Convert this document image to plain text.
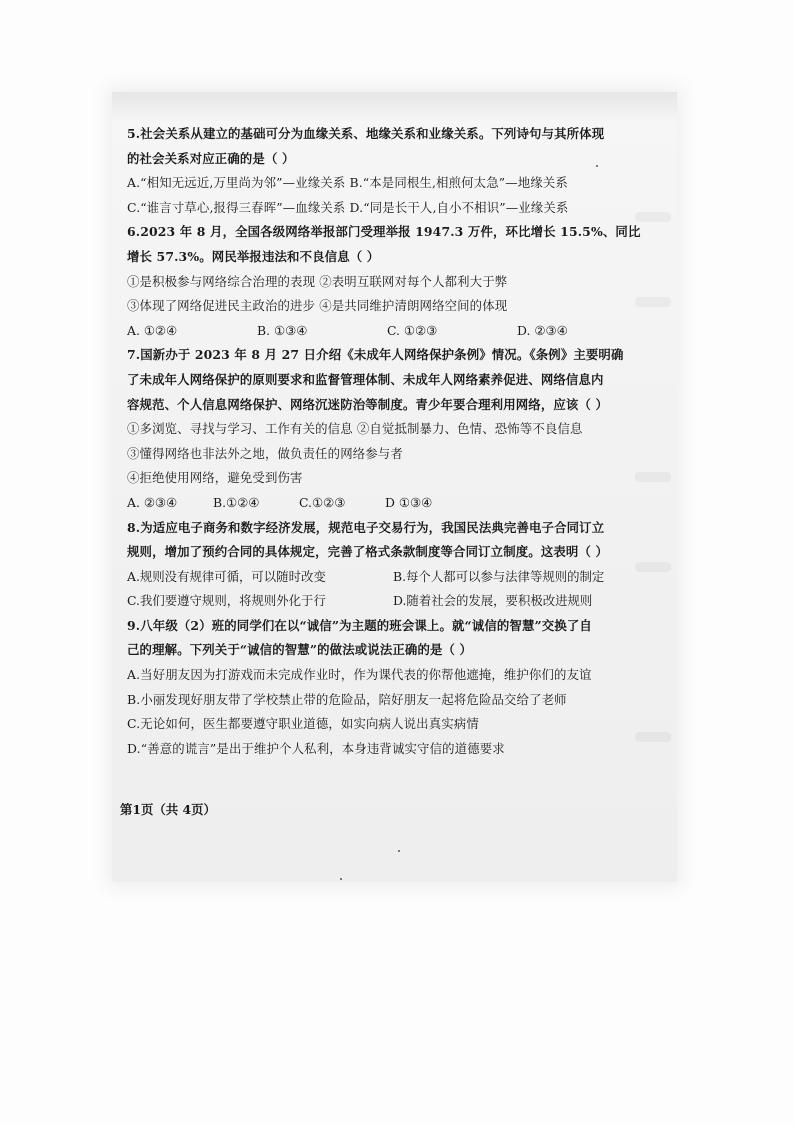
5.社会关系从建立的基础可分为血缘关系、地缘关系和业缘关系。下列诗句与其所体现
的社会关系对应正确的是（ ）
A.“相知无远近,万里尚为邻”—业缘关系 B.“本是同根生,相煎何太急”—地缘关系
C.“谁言寸草心,报得三春晖”—血缘关系 D.“同是长干人,自小不相识”—业缘关系
6.2023 年 8 月，全国各级网络举报部门受理举报 1947.3 万件，环比增长 15.5%、同比
增长 57.3%。网民举报违法和不良信息（ ）
①是积极参与网络综合治理的表现 ②表明互联网对每个人都利大于弊
③体现了网络促进民主政治的进步 ④是共同维护清朗网络空间的体现
A. ①②④	B. ①③④	C. ①②③	D. ②③④
7.国新办于 2023 年 8 月 27 日介绍《未成年人网络保护条例》情况。《条例》主要明确
了未成年人网络保护的原则要求和监督管理体制、未成年人网络素养促进、网络信息内
容规范、个人信息网络保护、网络沉迷防治等制度。青少年要合理利用网络，应该（ ）
①多浏览、寻找与学习、工作有关的信息 ②自觉抵制暴力、色情、恐怖等不良信息
③懂得网络也非法外之地，做负责任的网络参与者
④拒绝使用网络，避免受到伤害
A. ②③④	B.①②④	C.①②③	D ①③④
8.为适应电子商务和数字经济发展，规范电子交易行为，我国民法典完善电子合同订立
规则，增加了预约合同的具体规定，完善了格式条款制度等合同订立制度。这表明（ ）
A.规则没有规律可循，可以随时改变	B.每个人都可以参与法律等规则的制定
C.我们要遵守规则，将规则外化于行	D.随着社会的发展，要积极改进规则
9.八年级（2）班的同学们在以“诚信”为主题的班会课上。就“诚信的智慧”交换了自
己的理解。下列关于“诚信的智慧”的做法或说法正确的是（ ）
A.当好朋友因为打游戏而未完成作业时，作为课代表的你帮他遮掩，维护你们的友谊
B.小丽发现好朋友带了学校禁止带的危险品，陪好朋友一起将危险品交给了老师
C.无论如何，医生都要遵守职业道德，如实向病人说出真实病情
D.“善意的谎言”是出于维护个人私利，本身违背诚实守信的道德要求
第1页（共 4页）
